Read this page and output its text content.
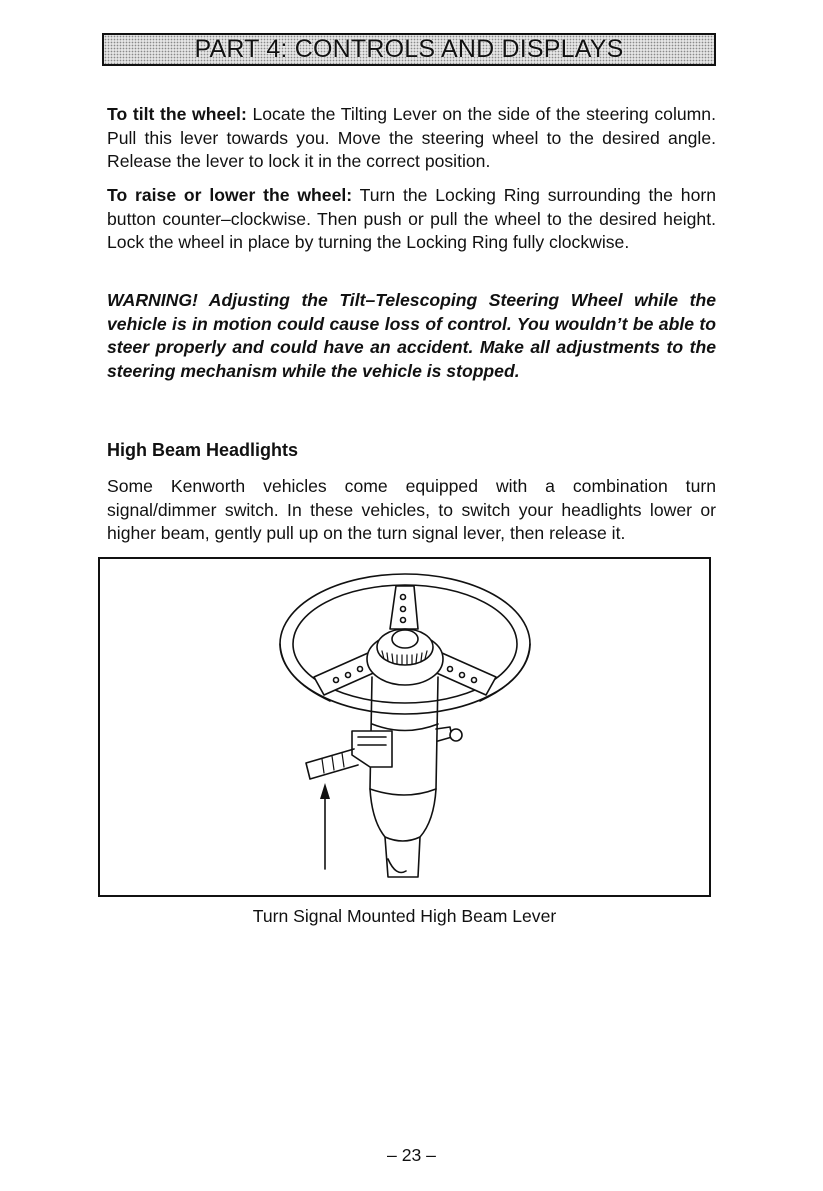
PART 4: CONTROLS AND DISPLAYS

To tilt the wheel: Locate the Tilting Lever on the side of the steering column. Pull this lever towards you. Move the steering wheel to the desired angle. Release the lever to lock it in the correct position.

To raise or lower the wheel: Turn the Locking Ring surrounding the horn button counter–clockwise. Then push or pull the wheel to the desired height. Lock the wheel in place by turning the Locking Ring fully clockwise.

WARNING! Adjusting the Tilt–Telescoping Steering Wheel while the vehicle is in motion could cause loss of control. You wouldn’t be able to steer properly and could have an accident. Make all adjustments to the steering mechanism while the vehicle is stopped.

High Beam Headlights

Some Kenworth vehicles come equipped with a combination turn signal/dimmer switch. In these vehicles, to switch your headlights lower or higher beam, gently pull up on the turn signal lever, then release it.

Turn Signal Mounted High Beam Lever

– 23 –
